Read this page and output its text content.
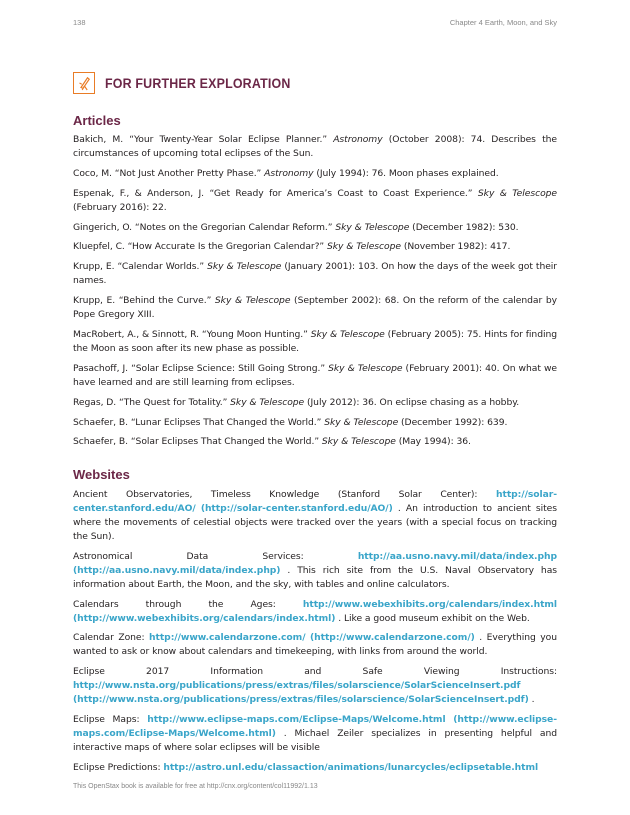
138	Chapter 4 Earth, Moon, and Sky
FOR FURTHER EXPLORATION
Articles

Bakich, M. “Your Twenty-Year Solar Eclipse Planner.” Astronomy (October 2008): 74. Describes the circumstances of upcoming total eclipses of the Sun.

Coco, M. “Not Just Another Pretty Phase.” Astronomy (July 1994): 76. Moon phases explained.

Espenak, F., & Anderson, J. “Get Ready for America’s Coast to Coast Experience.” Sky & Telescope (February 2016): 22.

Gingerich, O. “Notes on the Gregorian Calendar Reform.” Sky & Telescope (December 1982): 530.

Kluepfel, C. “How Accurate Is the Gregorian Calendar?” Sky & Telescope (November 1982): 417.

Krupp, E. “Calendar Worlds.” Sky & Telescope (January 2001): 103. On how the days of the week got their names.

Krupp, E. “Behind the Curve.” Sky & Telescope (September 2002): 68. On the reform of the calendar by Pope Gregory XIII.

MacRobert, A., & Sinnott, R. “Young Moon Hunting.” Sky & Telescope (February 2005): 75. Hints for finding the Moon as soon after its new phase as possible.

Pasachoff, J. “Solar Eclipse Science: Still Going Strong.” Sky & Telescope (February 2001): 40. On what we have learned and are still learning from eclipses.

Regas, D. “The Quest for Totality.” Sky & Telescope (July 2012): 36. On eclipse chasing as a hobby.

Schaefer, B. “Lunar Eclipses That Changed the World.” Sky & Telescope (December 1992): 639.

Schaefer, B. “Solar Eclipses That Changed the World.” Sky & Telescope (May 1994): 36.

Websites

Ancient Observatories, Timeless Knowledge (Stanford Solar Center): http://solar-center.stanford.edu/AO/ (http://solar-center.stanford.edu/AO/) . An introduction to ancient sites where the movements of celestial objects were tracked over the years (with a special focus on tracking the Sun).

Astronomical Data Services: http://aa.usno.navy.mil/data/index.php (http://aa.usno.navy.mil/data/index.php) . This rich site from the U.S. Naval Observatory has information about Earth, the Moon, and the sky, with tables and online calculators.

Calendars through the Ages: http://www.webexhibits.org/calendars/index.html (http://www.webexhibits.org/calendars/index.html) . Like a good museum exhibit on the Web.

Calendar Zone: http://www.calendarzone.com/ (http://www.calendarzone.com/) . Everything you wanted to ask or know about calendars and timekeeping, with links from around the world.

Eclipse 2017 Information and Safe Viewing Instructions: http://www.nsta.org/publications/press/extras/files/solarscience/SolarScienceInsert.pdf (http://www.nsta.org/publications/press/extras/files/solarscience/SolarScienceInsert.pdf) .

Eclipse Maps: http://www.eclipse-maps.com/Eclipse-Maps/Welcome.html (http://www.eclipse-maps.com/Eclipse-Maps/Welcome.html) . Michael Zeiler specializes in presenting helpful and interactive maps of where solar eclipses will be visible

Eclipse Predictions: http://astro.unl.edu/classaction/animations/lunarcycles/eclipsetable.html

This OpenStax book is available for free at http://cnx.org/content/col11992/1.13
